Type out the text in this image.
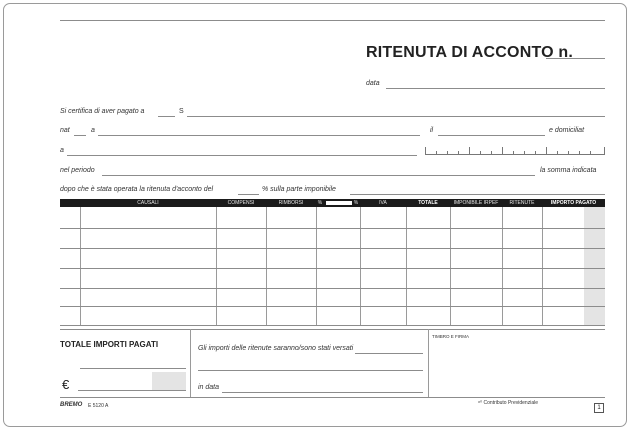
RITENUTA DI ACCONTO n.
data
Si certifica di aver pagato a	S
nat	a	il	e domiciliat
a
nel periodo	la somma indicata
dopo che è stata operata la ritenuta d'acconto del	% sulla parte imponibile
CAUSALI	COMPENSI	RIMBORSI	%	%	IVA	TOTALE	IMPONIBILE IRPEF	RITENUTE	IMPORTO PAGATO
TOTALE IMPORTI PAGATI
€
Gli importi delle ritenute saranno/sono stati versati
in data
TIMBRO E FIRMA
BREMO E 5120 A	⁸⁰ Contributo Previdenziale
1
